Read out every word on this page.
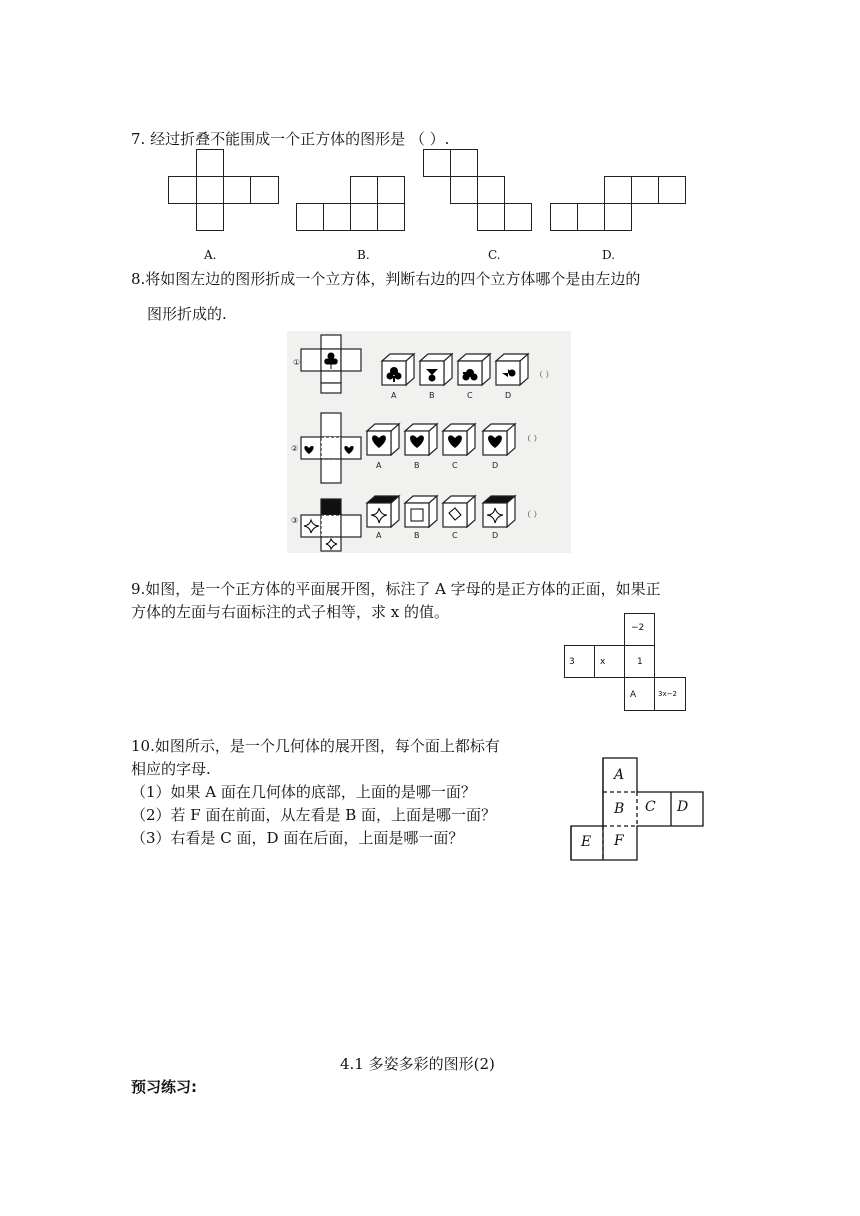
7. 经过折叠不能围成一个正方体的图形是 （ ）.
A.	B.	C.	D.
8.将如图左边的图形折成一个立方体，判断右边的四个立方体哪个是由左边的
图形折成的.
①
A	B	C	D
（ ）
②
A	B	C	D
（ ）
③
A	B	C	D
（ ）
9.如图，是一个正方体的平面展开图，标注了 A 字母的是正方体的正面，如果正
方体的左面与右面标注的式子相等，求 x 的值。
−2
3	x	1
A	3x−2
10.如图所示，是一个几何体的展开图，每个面上都标有
相应的字母.
（1）如果 A 面在几何体的底部，上面的是哪一面？
（2）若 F 面在前面，从左看是 B 面，上面是哪一面？
（3）右看是 C 面，D 面在后面，上面是哪一面？
A
B C D
E F
4.1 多姿多彩的图形(2)
预习练习:
